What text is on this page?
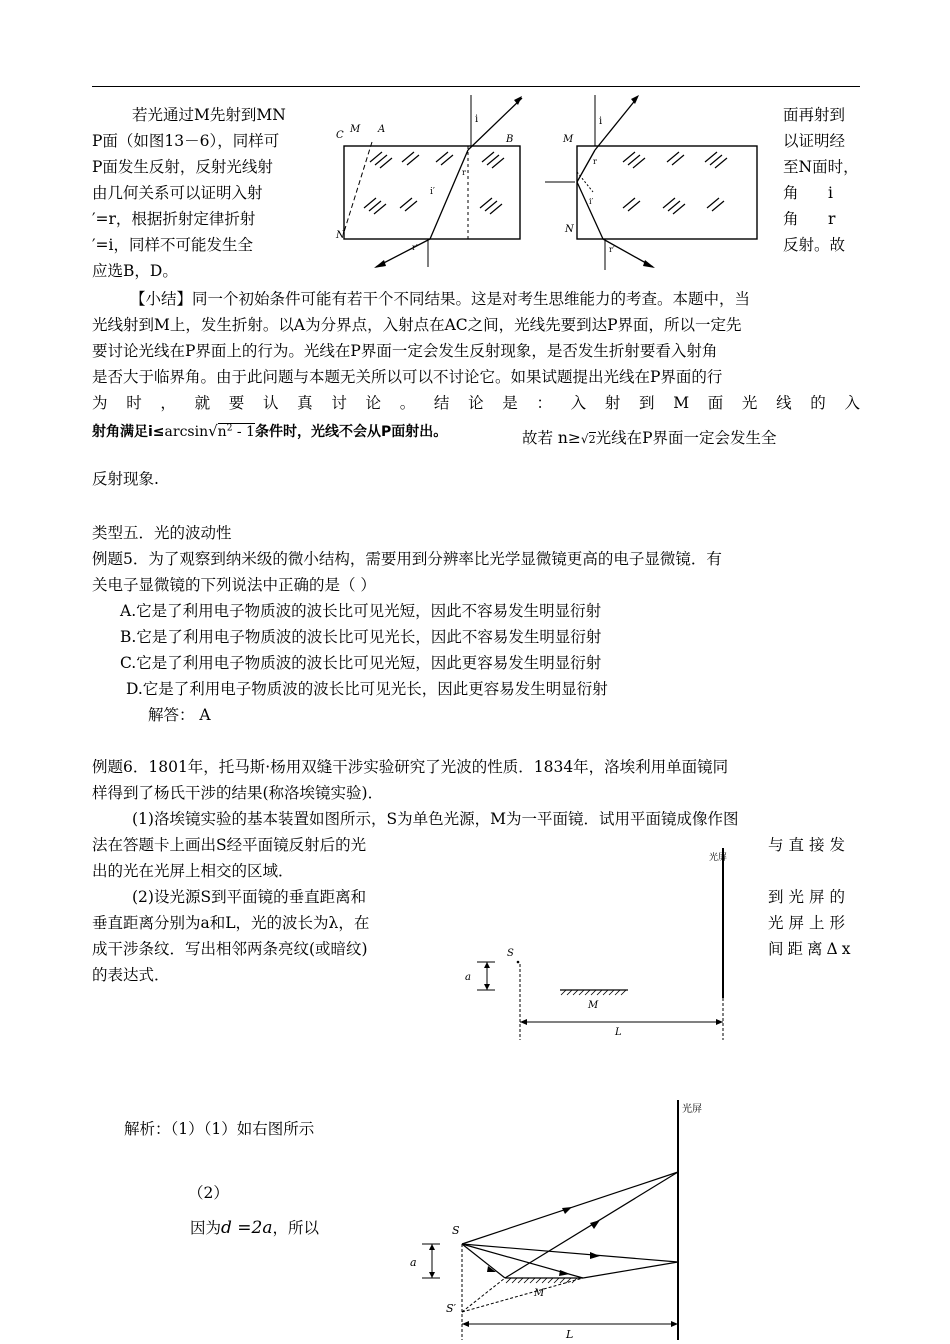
若光通过M先射到MN
P面（如图13－6），同样可
P面发生反射，反射光线射
由几何关系可以证明入射
′=r，根据折射定律折射
′=i，同样不可能发生全
应选B，D。
面再射到
以证明经
至N面时，
角      i
角      r
反射。故
C
M A
B
N
i
r
i′
r′
M
N
i
r
i′
r′
【小结】同一个初始条件可能有若干个不同结果。这是对考生思维能力的考查。本题中，当
光线射到M上，发生折射。以A为分界点，入射点在AC之间，光线先要到达P界面，所以一定先
要讨论光线在P界面上的行为。光线在P界面一定会发生反射现象，是否发生折射要看入射角
是否大于临界角。由于此问题与本题无关所以可以不讨论它。如果试题提出光线在P界面的行
为时，就要认真讨论。结论是：入射到M面光线的入
射角满足$i\le\arcsin√n^2 - 1$条件时，光线不会从P面射出。	故若 n≥√2光线在P界面一定会发生全
反射现象.
类型五．光的波动性
例题5．为了观察到纳米级的微小结构，需要用到分辨率比光学显微镜更高的电子显微镜．有
关电子显微镜的下列说法中正确的是（ ）
A.它是了利用电子物质波的波长比可见光短，因此不容易发生明显衍射
B.它是了利用电子物质波的波长比可见光长，因此不容易发生明显衍射
C.它是了利用电子物质波的波长比可见光短，因此更容易发生明显衍射
D.它是了利用电子物质波的波长比可见光长，因此更容易发生明显衍射
解答： A
例题6．1801年，托马斯·杨用双缝干涉实验研究了光波的性质．1834年，洛埃利用单面镜同
样得到了杨氏干涉的结果(称洛埃镜实验)．
(1)洛埃镜实验的基本装置如图所示，S为单色光源，M为一平面镜．试用平面镜成像作图
法在答题卡上画出S经平面镜反射后的光	与直接发
出的光在光屏上相交的区域．
(2)设光源S到平面镜的垂直距离和	到光屏的
垂直距离分别为a和L，光的波长为λ，在	光屏上形
成干涉条纹．写出相邻两条亮纹(或暗纹)	间距离Δx
的表达式．
光屏
S
a
M
L
解析：（1）（1）如右图所示
（2）
因为d =2a，所以
光屏
S
S′
a
M
L
